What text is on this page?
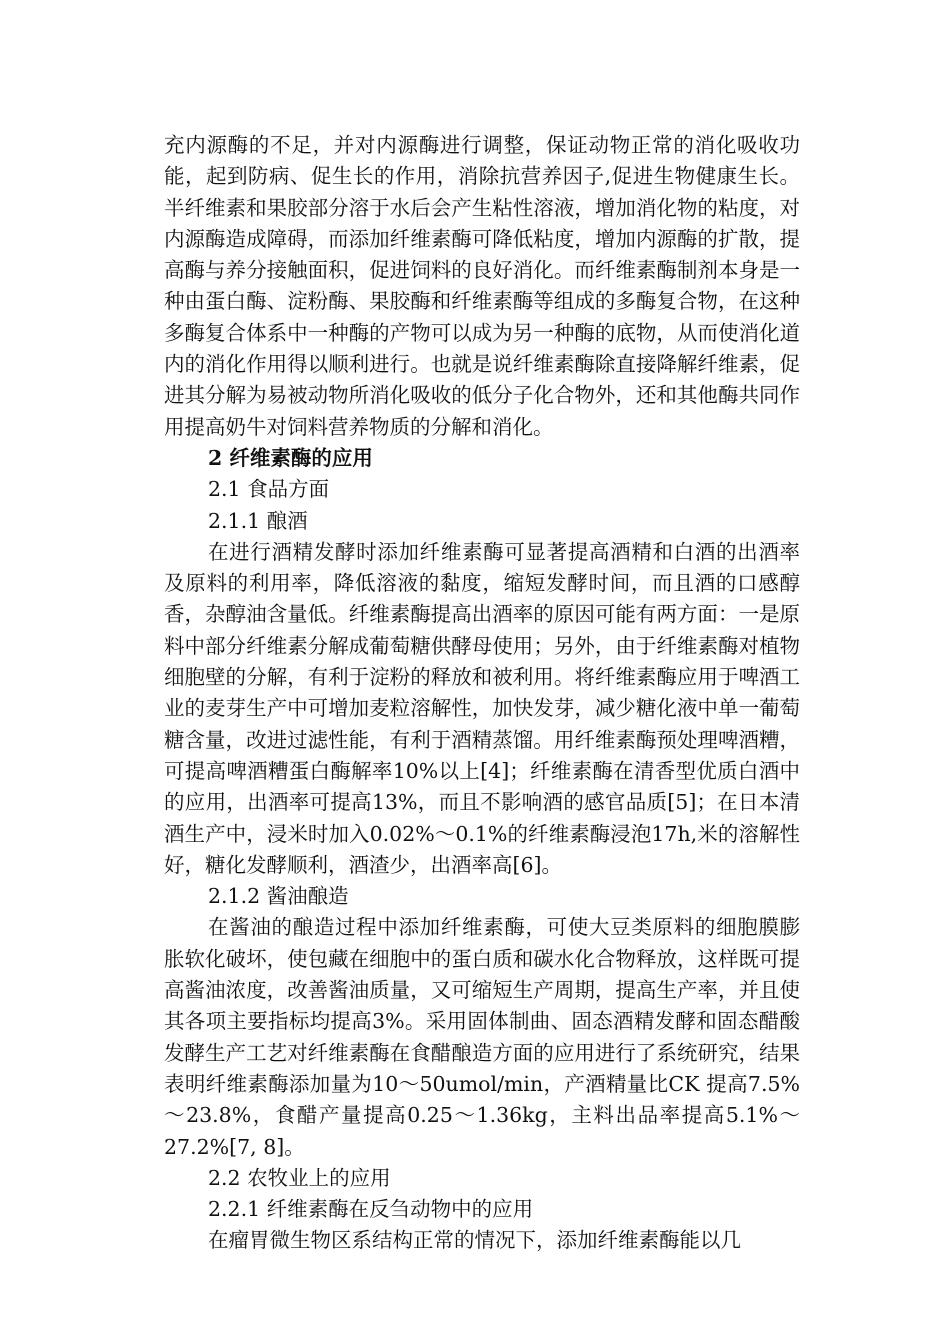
充内源酶的不足，并对内源酶进行调整，保证动物正常的消化吸收功能，起到防病、促生长的作用，消除抗营养因子,促进生物健康生长。半纤维素和果胶部分溶于水后会产生粘性溶液，增加消化物的粘度，对内源酶造成障碍，而添加纤维素酶可降低粘度，增加内源酶的扩散，提高酶与养分接触面积，促进饲料的良好消化。而纤维素酶制剂本身是一种由蛋白酶、淀粉酶、果胶酶和纤维素酶等组成的多酶复合物，在这种多酶复合体系中一种酶的产物可以成为另一种酶的底物，从而使消化道内的消化作用得以顺利进行。也就是说纤维素酶除直接降解纤维素，促进其分解为易被动物所消化吸收的低分子化合物外，还和其他酶共同作用提高奶牛对饲料营养物质的分解和消化。

2 纤维素酶的应用

2.1 食品方面

2.1.1 酿酒

在进行酒精发酵时添加纤维素酶可显著提高酒精和白酒的出酒率及原料的利用率，降低溶液的黏度，缩短发酵时间，而且酒的口感醇香，杂醇油含量低。纤维素酶提高出酒率的原因可能有两方面：一是原料中部分纤维素分解成葡萄糖供酵母使用；另外，由于纤维素酶对植物细胞壁的分解，有利于淀粉的释放和被利用。将纤维素酶应用于啤酒工业的麦芽生产中可增加麦粒溶解性，加快发芽，减少糖化液中单一葡萄糖含量，改进过滤性能，有利于酒精蒸馏。用纤维素酶预处理啤酒糟，可提高啤酒糟蛋白酶解率10%以上[4]；纤维素酶在清香型优质白酒中的应用，出酒率可提高13%，而且不影响酒的感官品质[5]；在日本清酒生产中，浸米时加入0.02%～0.1%的纤维素酶浸泡17h,米的溶解性好，糖化发酵顺利，酒渣少，出酒率高[6]。

2.1.2 酱油酿造

在酱油的酿造过程中添加纤维素酶，可使大豆类原料的细胞膜膨胀软化破坏，使包藏在细胞中的蛋白质和碳水化合物释放，这样既可提高酱油浓度，改善酱油质量，又可缩短生产周期，提高生产率，并且使其各项主要指标均提高3%。采用固体制曲、固态酒精发酵和固态醋酸发酵生产工艺对纤维素酶在食醋酿造方面的应用进行了系统研究，结果表明纤维素酶添加量为10～50umol/min，产酒精量比CK 提高7.5%～23.8%，食醋产量提高0.25～1.36kg，主料出品率提高5.1%～27.2%[7, 8]。

2.2 农牧业上的应用

2.2.1 纤维素酶在反刍动物中的应用

在瘤胃微生物区系结构正常的情况下，添加纤维素酶能以几
